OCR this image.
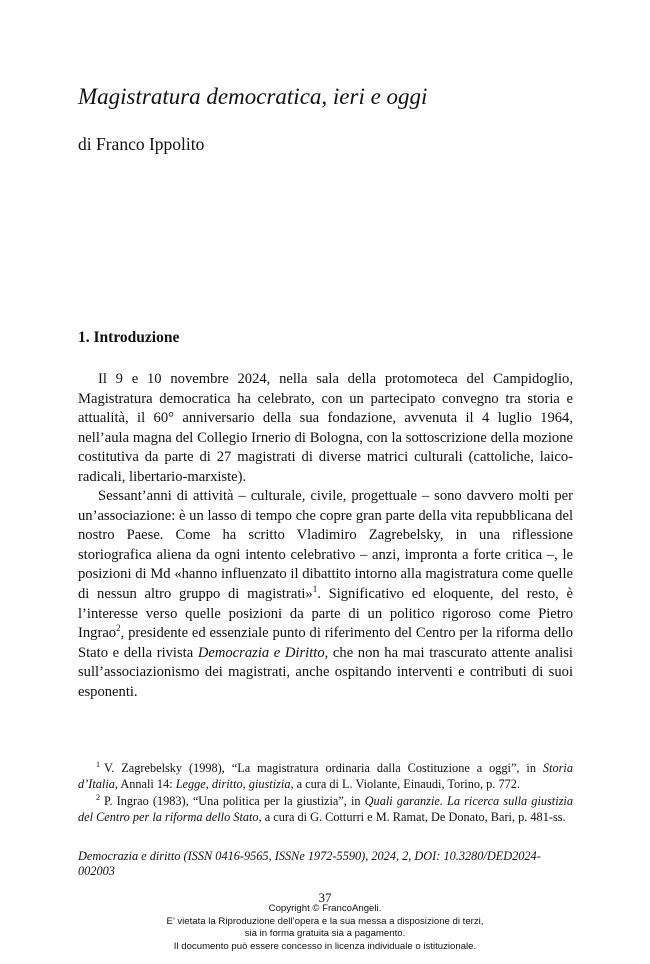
Magistratura democratica, ieri e oggi
di Franco Ippolito
1. Introduzione

Il 9 e 10 novembre 2024, nella sala della protomoteca del Campidoglio, Magistratura democratica ha celebrato, con un partecipato convegno tra storia e attualità, il 60° anniversario della sua fondazione, avvenuta il 4 luglio 1964, nell’aula magna del Collegio Irnerio di Bologna, con la sottoscrizione della mozione costitutiva da parte di 27 magistrati di diverse matrici culturali (cattoliche, laico-radicali, libertario-marxiste).

Sessant’anni di attività – culturale, civile, progettuale – sono davvero molti per un’associazione: è un lasso di tempo che copre gran parte della vita repubblicana del nostro Paese. Come ha scritto Vladimiro Zagrebelsky, in una riflessione storiografica aliena da ogni intento celebrativo – anzi, impronta a forte critica –, le posizioni di Md «hanno influenzato il dibattito intorno alla magistratura come quelle di nessun altro gruppo di magistrati»$^1$. Significativo ed eloquente, del resto, è l’interesse verso quelle posizioni da parte di un politico rigoroso come Pietro Ingrao$^2$, presidente ed essenziale punto di riferimento del Centro per la riforma dello Stato e della rivista Democrazia e Diritto, che non ha mai trascurato attente analisi sull’associazionismo dei magistrati, anche ospitando interventi e contributi di suoi esponenti.

$^1$ V. Zagrebelsky (1998), “La magistratura ordinaria dalla Costituzione a oggi”, in Storia d’Italia, Annali 14: Legge, diritto, giustizia, a cura di L. Violante, Einaudi, Torino, p. 772.

$^2$ P. Ingrao (1983), “Una politica per la giustizia”, in Quali garanzie. La ricerca sulla giustizia del Centro per la riforma dello Stato, a cura di G. Cotturri e M. Ramat, De Donato, Bari, p. 481-ss.

Democrazia e diritto (ISSN 0416-9565, ISSNe 1972-5590), 2024, 2, DOI: 10.3280/DED2024-002003
37
Copyright © FrancoAngeli.
E’ vietata la Riproduzione dell’opera e la sua messa a disposizione di terzi,
sia in forma gratuita sia a pagamento.
Il documento può essere concesso in licenza individuale o istituzionale.
